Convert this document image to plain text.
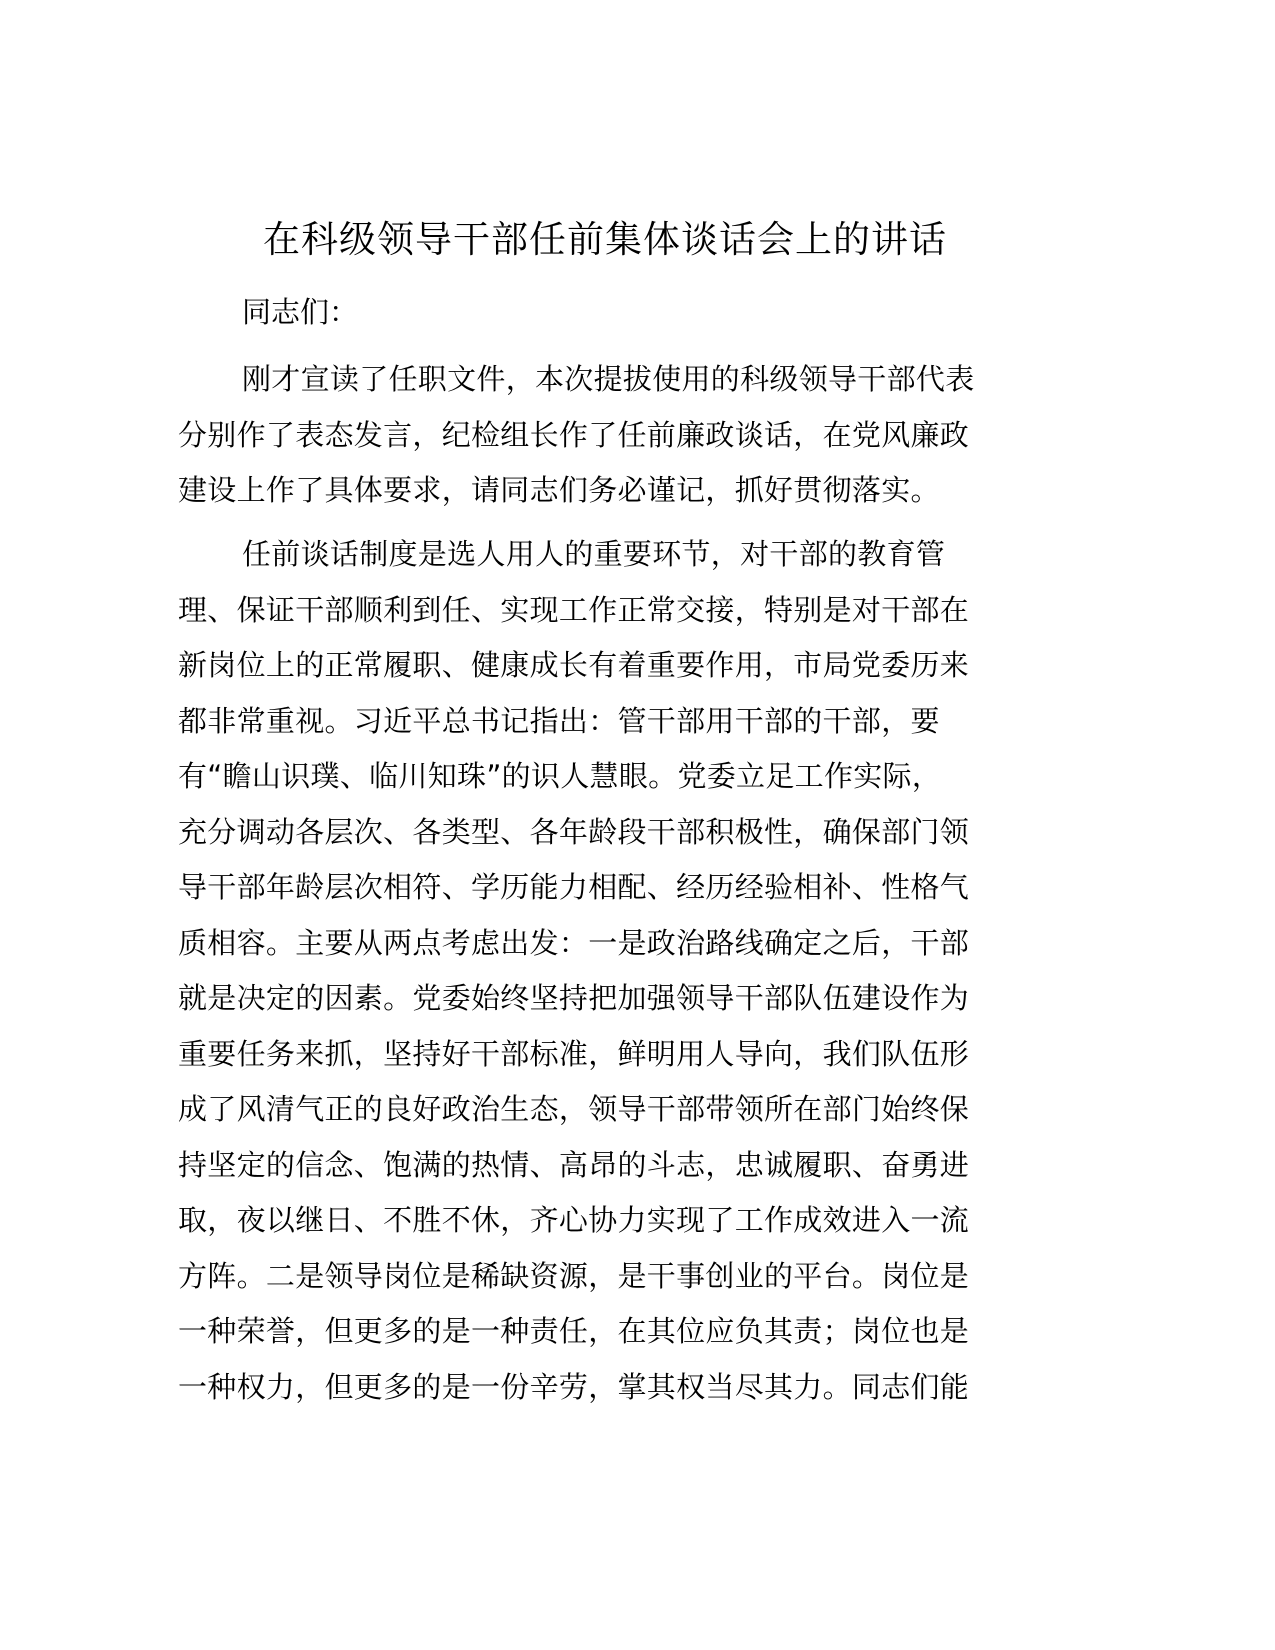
在科级领导干部任前集体谈话会上的讲话
同志们：
刚才宣读了任职文件，本次提拔使用的科级领导干部代表
分别作了表态发言，纪检组长作了任前廉政谈话，在党风廉政
建设上作了具体要求，请同志们务必谨记，抓好贯彻落实。
任前谈话制度是选人用人的重要环节，对干部的教育管
理、保证干部顺利到任、实现工作正常交接，特别是对干部在
新岗位上的正常履职、健康成长有着重要作用，市局党委历来
都非常重视。习近平总书记指出：管干部用干部的干部，要
有“瞻山识璞、临川知珠”的识人慧眼。党委立足工作实际，
充分调动各层次、各类型、各年龄段干部积极性，确保部门领
导干部年龄层次相符、学历能力相配、经历经验相补、性格气
质相容。主要从两点考虑出发：一是政治路线确定之后，干部
就是决定的因素。党委始终坚持把加强领导干部队伍建设作为
重要任务来抓，坚持好干部标准，鲜明用人导向，我们队伍形
成了风清气正的良好政治生态，领导干部带领所在部门始终保
持坚定的信念、饱满的热情、高昂的斗志，忠诚履职、奋勇进
取，夜以继日、不胜不休，齐心协力实现了工作成效进入一流
方阵。二是领导岗位是稀缺资源，是干事创业的平台。岗位是
一种荣誉，但更多的是一种责任，在其位应负其责；岗位也是
一种权力，但更多的是一份辛劳，掌其权当尽其力。同志们能
